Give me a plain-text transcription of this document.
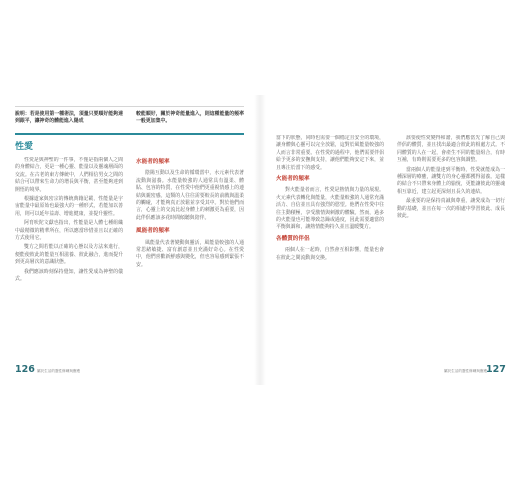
說明：若是使用第一種術法，須量只要順好能夠達到跟平，讓神奇的體能進入陽成
較能順好，關於神奇能量進入，則這種能量的頻率一般更加集中。
性愛

性愛是與神聖的一件事，不僅是指兩個人之間的身體結合，更是一種心靈、能量以及靈魂層面的交流。在古老的東方傳統中，人們相信男女之間的結合可以帶來生命力的增長與平衡，甚至能夠達到開悟的境界。

根據道家與密宗的傳統典籍記載，性能量是宇宙能量中最原始也最強大的一種形式，若能加以善用，則可以延年益壽、增進健康，並提升靈性。

阿育吠陀文獻也指出，性能量是人體七種組織中最精微的精華所在，所以應當珍惜並且以正確的方式使用它。

雙方之間若能以正確的心態以及方法來進行，便能使彼此的能量互相滋養、彼此融合，進而提升到更高層次的意識狀態。

我們應該時刻保持覺知，讓性愛成為神聖的儀式。

水能者的頻率

陰陽互動以及生命的循環當中，水元素代表著流動與滋養。水能量較強的人通常具有溫柔、體貼、包容的特質，在性愛中他們更重視情感上的連結與親密感。這類的人往往需要較長的前戲與溫柔的觸碰，才能夠真正放鬆並享受其中。對於他們而言，心靈上的交流比起身體上的刺激更為重要，因此伴侶應該多花時間傾聽與陪伴。

風能者的頻率

風能量代表著變動與靈活，風能量較強的人通常思緒敏捷、富有創意並且充滿好奇心。在性愛中，他們喜歡新鮮感與變化，但也容易感到緊張不安。

126 屬於生活的靈性修練與療癒

當下的狀態，同時也需要一個穩定且安全的環境，讓身體與心靈可以完全放鬆，這對於風能量較強的人而言非常重要。在性愛的過程中，他們需要伴侶給予更多的安撫與支持，讓他們能夠安定下來，並且專注於當下的感受。

火能者的頻率

對火能量者而言，性愛是熱情與力量的展現。火元素代表轉化與能量，火能量較強的人通常充滿活力、自信並且具有強烈的慾望。他們在性愛中往往主動積極，享受激情與刺激的體驗。然而，過多的火能量也可能導致急躁或過度，因此需要適當的平衡與調和，讓熱情能夠持久並且溫暖雙方。

各體質的伴侶

兩個人在一起時，自然會互相影響，能量也會在彼此之間流動與交換。

該要使性愛變得和諧，我們應當先了解自己與伴侶的體質，並且找出最適合彼此的相處方式。不同體質的人在一起，會產生不同的能量組合，有時互補，有時則需要更多的包容與調整。

當兩個人的能量達到平衡時，性愛就能成為一種深層的療癒，讓雙方的身心靈都獲得滋養。這樣的結合不只帶來身體上的愉悅，更能讓彼此的靈魂相互靠近，建立起更深刻且長久的連結。

最重要的是保持真誠與尊重，讓愛成為一切行動的基礎，並且在每一次的相處中學習彼此、成長彼此。

屬於生活的靈性修練與療癒
127
